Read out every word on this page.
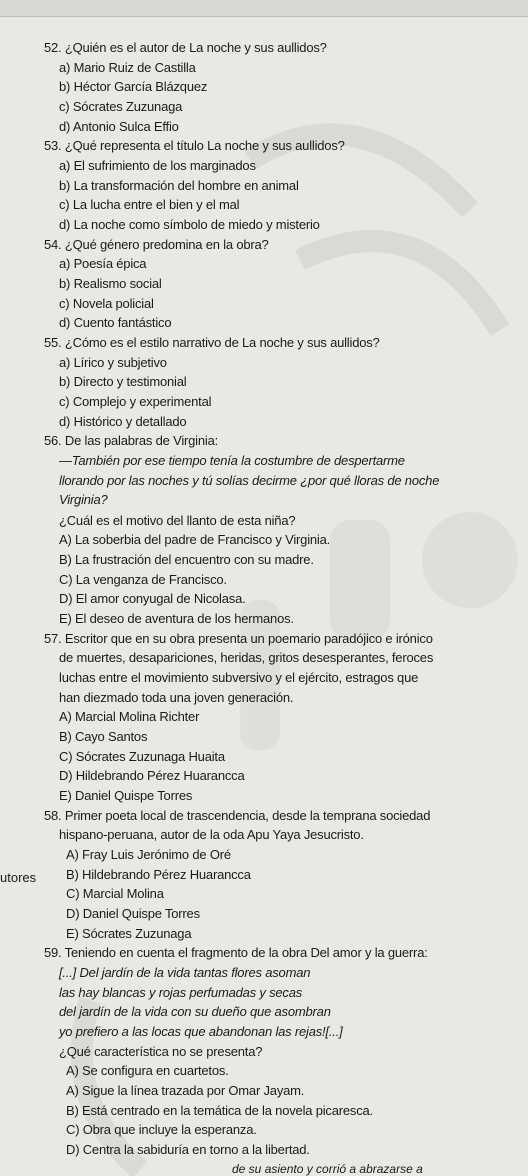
52. ¿Quién es el autor de La noche y sus aullidos?
a) Mario Ruiz de Castilla
b) Héctor García Blázquez
c) Sócrates Zuzunaga
d) Antonio Sulca Effio
53. ¿Qué representa el título La noche y sus aullidos?
a) El sufrimiento de los marginados
b) La transformación del hombre en animal
c) La lucha entre el bien y el mal
d) La noche como símbolo de miedo y misterio
54. ¿Qué género predomina en la obra?
a) Poesía épica
b) Realismo social
c) Novela policial
d) Cuento fantástico
55. ¿Cómo es el estilo narrativo de La noche y sus aullidos?
a) Lírico y subjetivo
b) Directo y testimonial
c) Complejo y experimental
d) Histórico y detallado
56. De las palabras de Virginia:
—También por ese tiempo tenía la costumbre de despertarme
llorando por las noches y tú solías decirme ¿por qué lloras de noche
Virginia?
¿Cuál es el motivo del llanto de esta niña?
A) La soberbia del padre de Francisco y Virginia.
B) La frustración del encuentro con su madre.
C) La venganza de Francisco.
D) El amor conyugal de Nicolasa.
E) El deseo de aventura de los hermanos.
57. Escritor que en su obra presenta un poemario paradójico e irónico
de muertes, desapariciones, heridas, gritos desesperantes, feroces
luchas entre el movimiento subversivo y el ejército, estragos que
han diezmado toda una joven generación.
A) Marcial Molina Richter
B) Cayo Santos
C) Sócrates Zuzunaga Huaita
D) Hildebrando Pérez Huarancca
E) Daniel Quispe Torres
58. Primer poeta local de trascendencia, desde la temprana sociedad
hispano-peruana, autor de la oda Apu Yaya Jesucristo.
A) Fray Luis Jerónimo de Oré
B) Hildebrando Pérez Huarancca
C) Marcial Molina
D) Daniel Quispe Torres
E) Sócrates Zuzunaga
59. Teniendo en cuenta el fragmento de la obra Del amor y la guerra:
[...] Del jardín de la vida tantas flores asoman
las hay blancas y rojas perfumadas y secas
del jardín de la vida con su dueño que asombran
yo prefiero a las locas que abandonan las rejas![...]
¿Qué característica no se presenta?
A) Se configura en cuartetos.
A) Sigue la línea trazada por Omar Jayam.
B) Está centrado en la temática de la novela picaresca.
C) Obra que incluye la esperanza.
D) Centra la sabiduría en torno a la libertad.
utores
de su asiento y corrió a abrazarse a
